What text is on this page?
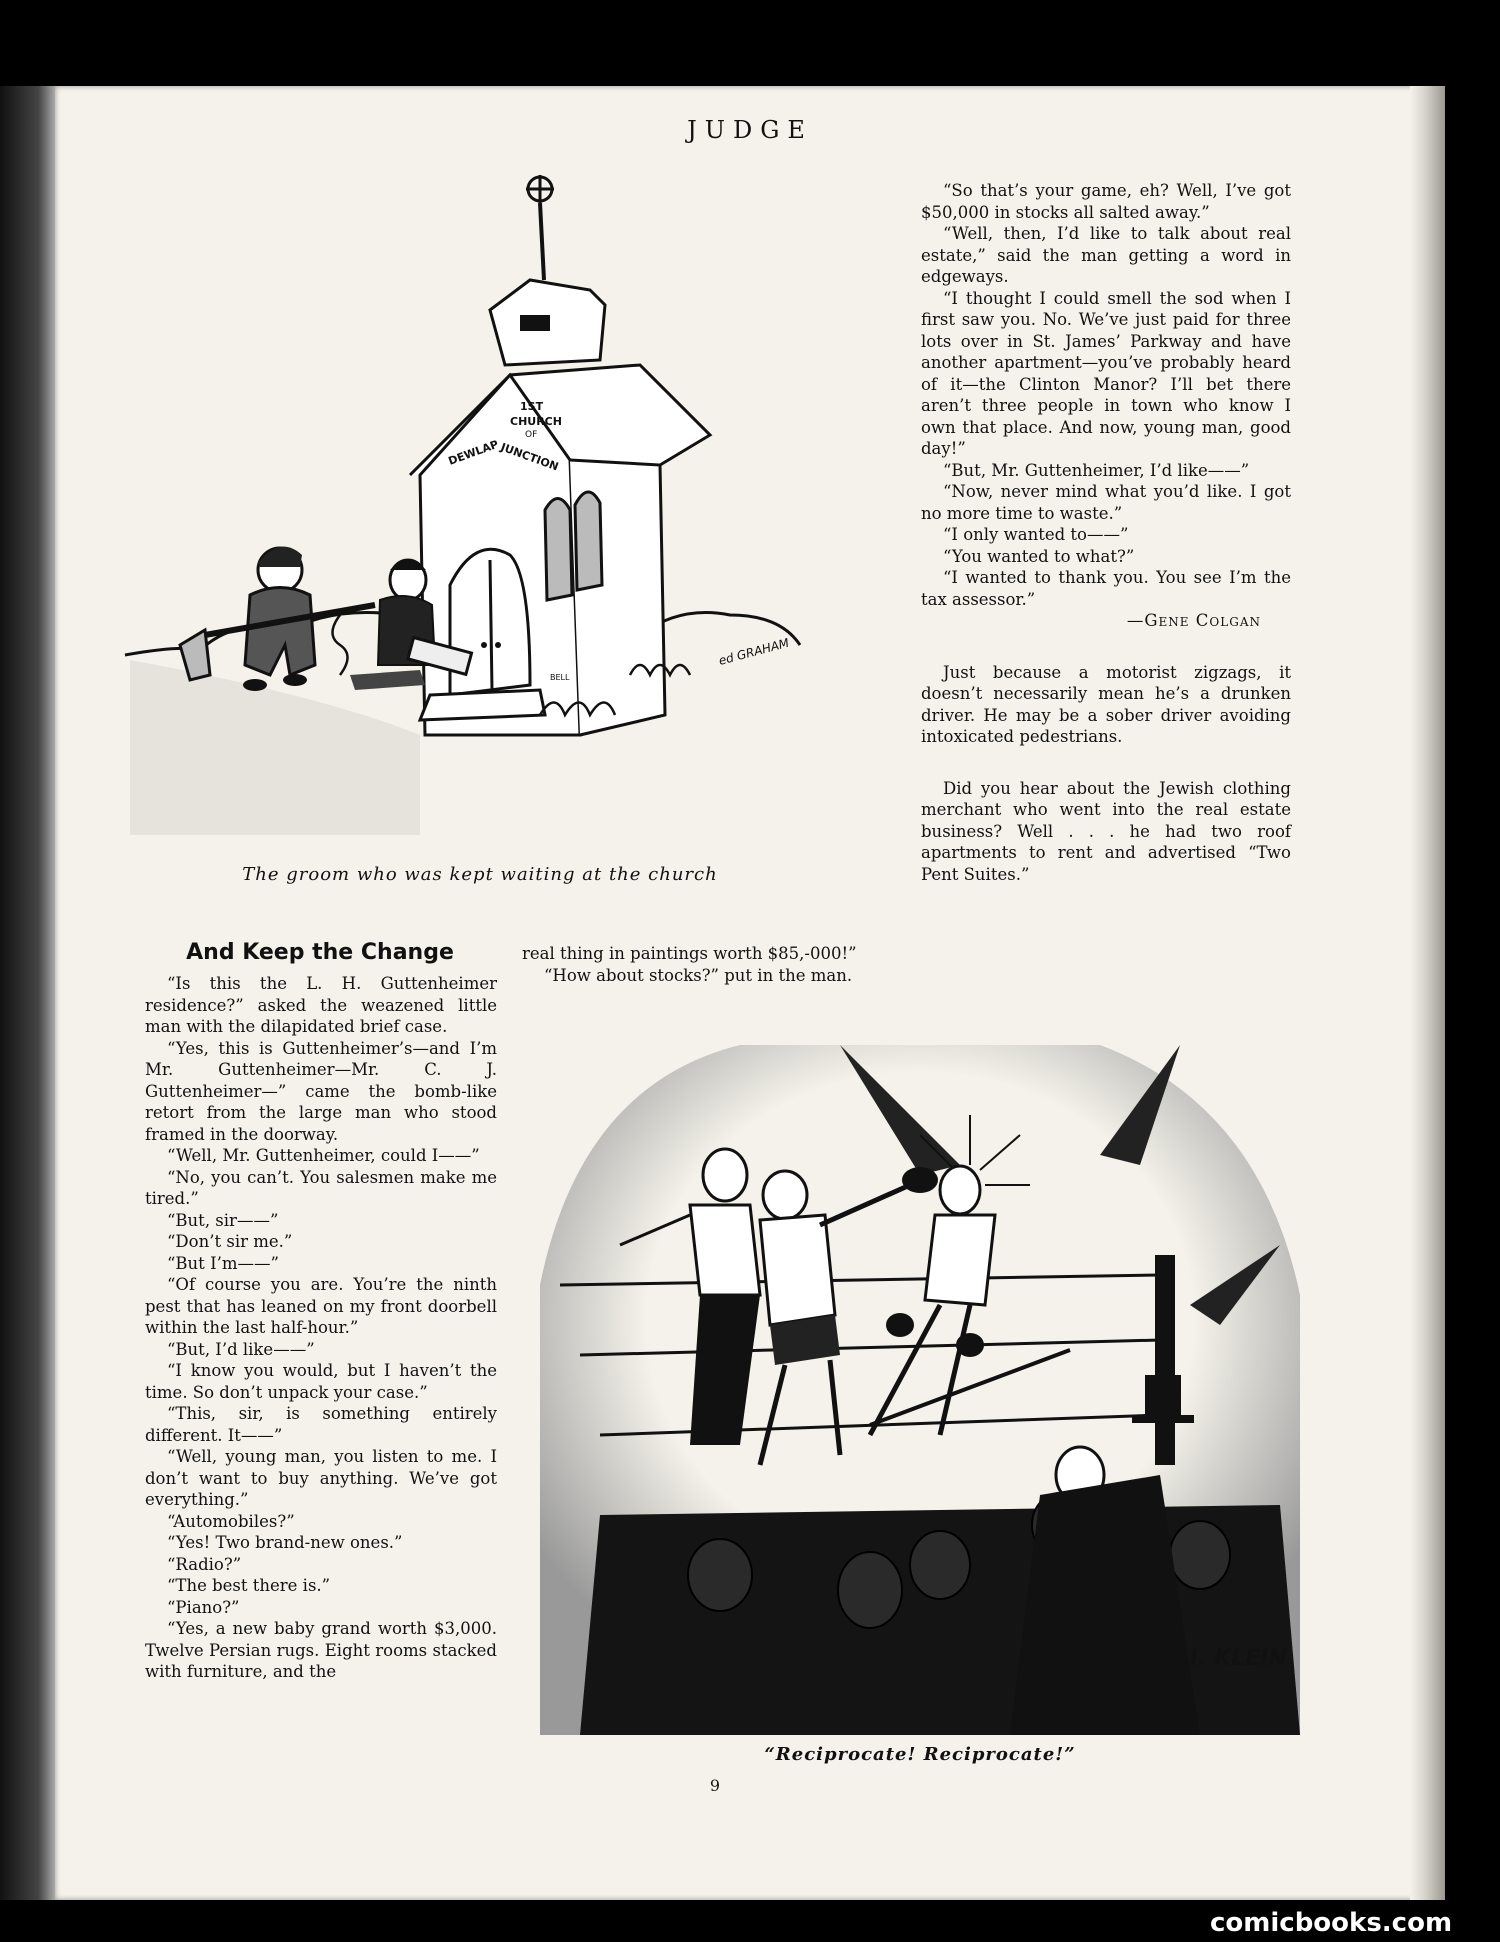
JUDGE
1ST
CHURCH
OF
DEWLAP
JUNCTION
BELL
ed GRAHAM
The groom who was kept waiting at the church
And Keep the Change

“Is this the L. H. Guttenheimer residence?” asked the weazened little man with the dilapidated brief case.

“Yes, this is Guttenheimer’s—and I’m Mr. Guttenheimer—Mr. C. J. Guttenheimer—” came the bomb-like retort from the large man who stood framed in the doorway.

“Well, Mr. Guttenheimer, could I——”

“No, you can’t. You salesmen make me tired.”

“But, sir——”

“Don’t sir me.”

“But I’m——”

“Of course you are. You’re the ninth pest that has leaned on my front doorbell within the last half-hour.”

“But, I’d like——”

“I know you would, but I haven’t the time. So don’t unpack your case.”

“This, sir, is something entirely different. It——”

“Well, young man, you listen to me. I don’t want to buy anything. We’ve got everything.”

“Automobiles?”

“Yes! Two brand-new ones.”

“Radio?”

“The best there is.”

“Piano?”

“Yes, a new baby grand worth $3,000. Twelve Persian rugs. Eight rooms stacked with furniture, and the

real thing in paintings worth $85,-000!”

“How about stocks?” put in the man.

“So that’s your game, eh? Well, I’ve got $50,000 in stocks all salted away.”

“Well, then, I’d like to talk about real estate,” said the man getting a word in edgeways.

“I thought I could smell the sod when I first saw you. No. We’ve just paid for three lots over in St. James’ Parkway and have another apartment—you’ve probably heard of it—the Clinton Manor? I’ll bet there aren’t three people in town who know I own that place. And now, young man, good day!”

“But, Mr. Guttenheimer, I’d like——”

“Now, never mind what you’d like. I got no more time to waste.”

“I only wanted to——”

“You wanted to what?”

“I wanted to thank you. You see I’m the tax assessor.”

—Gene Colgan

Just because a motorist zigzags, it doesn’t necessarily mean he’s a drunken driver. He may be a sober driver avoiding intoxicated pedestrians.

Did you hear about the Jewish clothing merchant who went into the real estate business? Well . . . he had two roof apartments to rent and advertised “Two Pent Suites.”

I. KLEIN
“Reciprocate! Reciprocate!”
9
comicbooks.com
